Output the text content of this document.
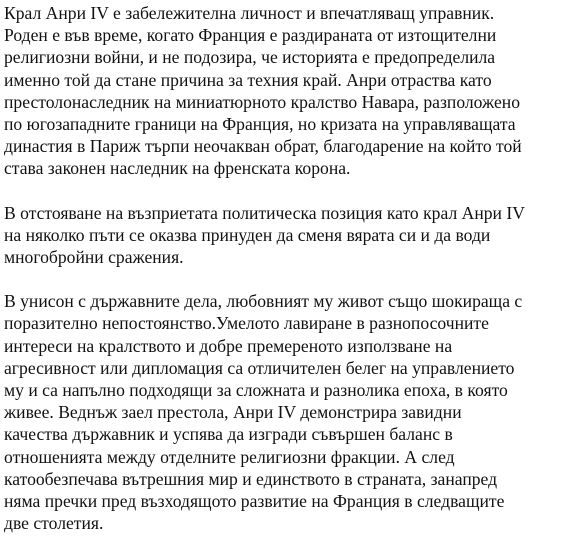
Крал Анри IV е забележителна личност и впечатляващ управник.
Роден е във време, когато Франция е раздираната от изтощителни
религиозни войни, и не подозира, че историята е предопределила
именно той да стане причина за техния край. Анри отраства като
престолонаследник на миниатюрното кралство Навара, разположено
по югозападните граници на Франция, но кризата на управляващата
династия в Париж търпи неочакван обрат, благодарение на който той
става законен наследник на френската корона.

В отстояване на възприетата политическа позиция като крал Анри IV
на няколко пъти се оказва принуден да сменя вярата си и да води
многобройни сражения.

В унисон с държавните дела, любовният му живот също шокираща с
поразително непостоянство.Умелото лавиране в разнопосочните
интереси на кралството и добре премереното използване на
агресивност или дипломация са отличителен белег на управлението
му и са напълно подходящи за сложната и разнолика епоха, в която
живее. Веднъж заел престола, Анри IV демонстрира завидни
качества държавник и успява да изгради съвършен баланс в
отношенията между отделните религиозни фракции. А след
катообезпечава вътрешния мир и единството в страната, занапред
няма пречки пред възходящото развитие на Франция в следващите
две столетия.
